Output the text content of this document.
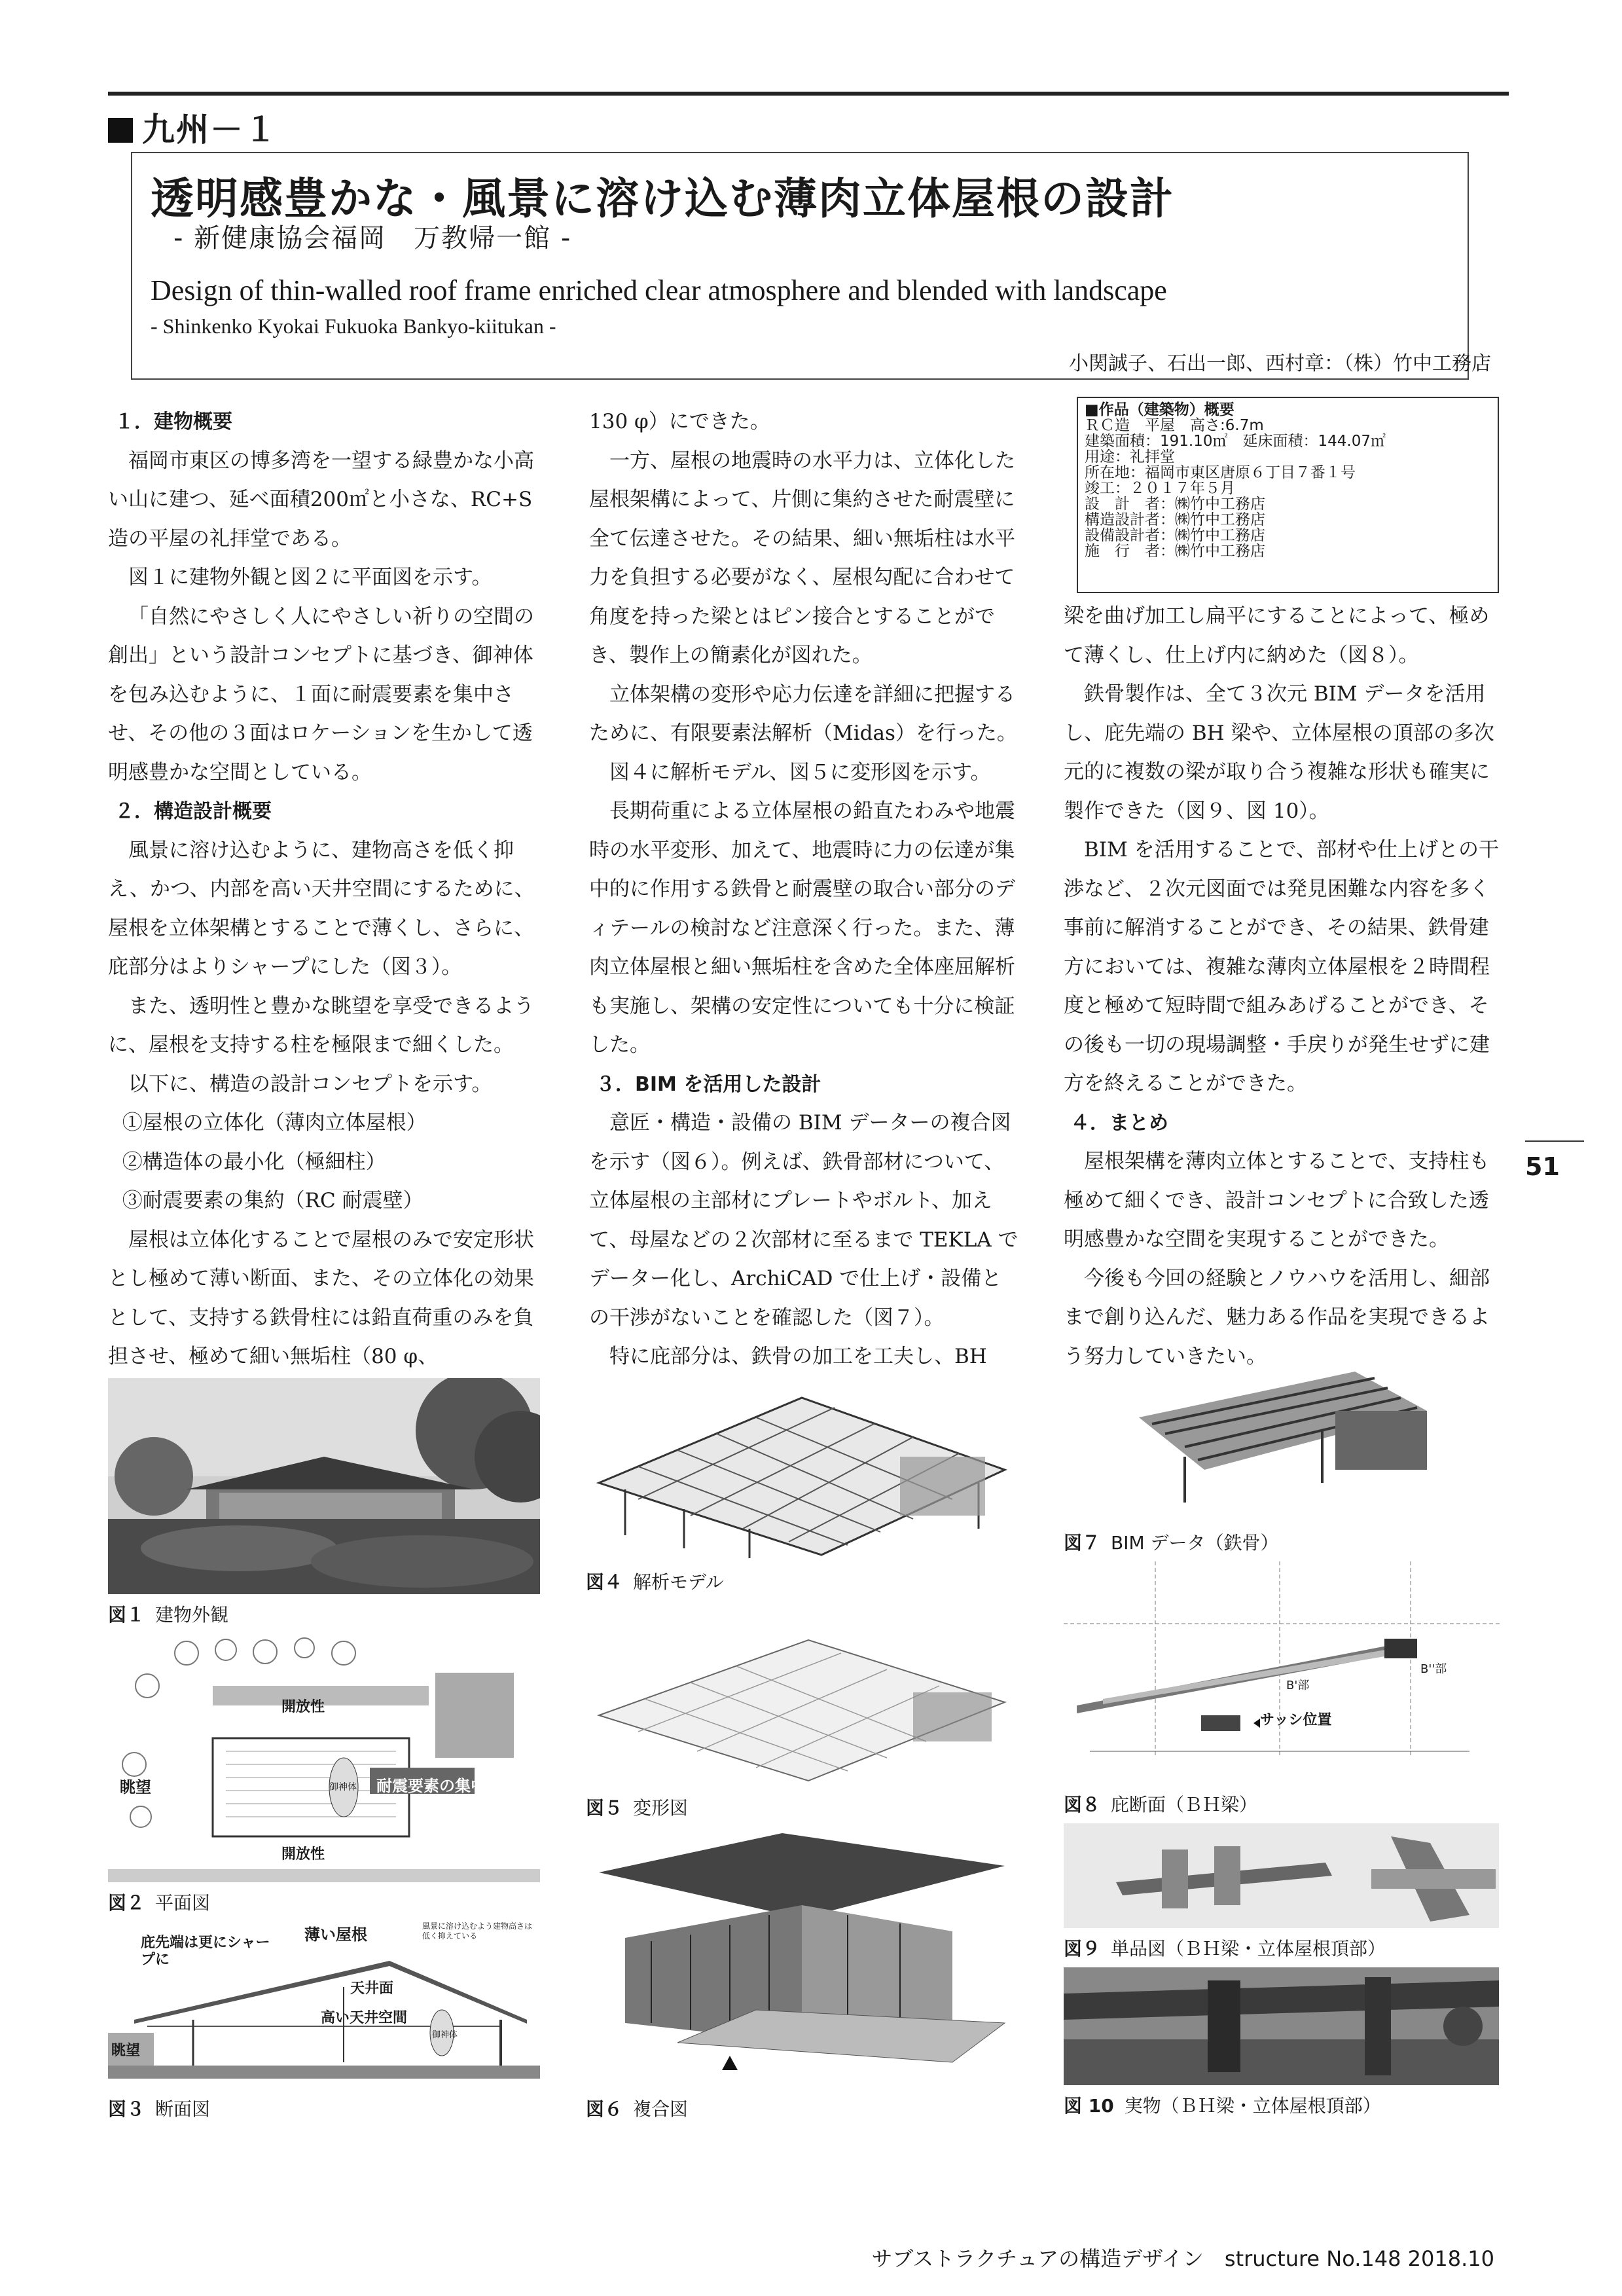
九州－１
透明感豊かな・風景に溶け込む薄肉立体屋根の設計
- 新健康協会福岡　万教帰一館 -
Design of thin-walled roof frame enriched clear atmosphere and blended with landscape
- Shinkenko Kyokai Fukuoka Bankyo-kiitukan -
小関誠子、石出一郎、西村章：（株）竹中工務店
１．建物概要

福岡市東区の博多湾を一望する緑豊かな小高い山に建つ、延べ面積200㎡と小さな、RC+S造の平屋の礼拝堂である。

図１に建物外観と図２に平面図を示す。

「自然にやさしく人にやさしい祈りの空間の創出」という設計コンセプトに基づき、御神体を包み込むように、１面に耐震要素を集中させ、その他の３面はロケーションを生かして透明感豊かな空間としている。

２．構造設計概要

風景に溶け込むように、建物高さを低く抑え、かつ、内部を高い天井空間にするために、屋根を立体架構とすることで薄くし、さらに、庇部分はよりシャープにした（図３）。

また、透明性と豊かな眺望を享受できるように、屋根を支持する柱を極限まで細くした。

以下に、構造の設計コンセプトを示す。

①屋根の立体化（薄肉立体屋根）

②構造体の最小化（極細柱）

③耐震要素の集約（RC 耐震壁）

屋根は立体化することで屋根のみで安定形状とし極めて薄い断面、また、その立体化の効果として、支持する鉄骨柱には鉛直荷重のみを負担させ、極めて細い無垢柱（80 φ、

130 φ）にできた。

一方、屋根の地震時の水平力は、立体化した屋根架構によって、片側に集約させた耐震壁に全て伝達させた。その結果、細い無垢柱は水平力を負担する必要がなく、屋根勾配に合わせて角度を持った梁とはピン接合とすることができ、製作上の簡素化が図れた。

立体架構の変形や応力伝達を詳細に把握するために、有限要素法解析（Midas）を行った。

図４に解析モデル、図５に変形図を示す。

長期荷重による立体屋根の鉛直たわみや地震時の水平変形、加えて、地震時に力の伝達が集中的に作用する鉄骨と耐震壁の取合い部分のディテールの検討など注意深く行った。また、薄肉立体屋根と細い無垢柱を含めた全体座屈解析も実施し、架構の安定性についても十分に検証した。

３．BIM を活用した設計

意匠・構造・設備の BIM データーの複合図を示す（図６）。例えば、鉄骨部材について、立体屋根の主部材にプレートやボルト、加えて、母屋などの２次部材に至るまで TEKLA でデーター化し、ArchiCAD で仕上げ・設備との干渉がないことを確認した（図７）。

特に庇部分は、鉄骨の加工を工夫し、BH

■作品（建築物）概要
ＲＣ造　平屋　高さ:6.7m
建築面積：191.10㎡　延床面積：144.07㎡
用途：礼拝堂
所在地：福岡市東区唐原６丁目７番１号
竣工：２０１７年５月
設　計　者：㈱竹中工務店
構造設計者：㈱竹中工務店
設備設計者：㈱竹中工務店
施　行　者：㈱竹中工務店

梁を曲げ加工し扁平にすることによって、極めて薄くし、仕上げ内に納めた（図８）。

鉄骨製作は、全て３次元 BIM データを活用し、庇先端の BH 梁や、立体屋根の頂部の多次元的に複数の梁が取り合う複雑な形状も確実に製作できた（図９、図 10）。

BIM を活用することで、部材や仕上げとの干渉など、２次元図面では発見困難な内容を多く事前に解消することができ、その結果、鉄骨建方においては、複雑な薄肉立体屋根を２時間程度と極めて短時間で組みあげることができ、その後も一切の現場調整・手戻りが発生せずに建方を終えることができた。

４．まとめ

屋根架構を薄肉立体とすることで、支持柱も極めて細くでき、設計コンセプトに合致した透明感豊かな空間を実現することができた。

今後も今回の経験とノウハウを活用し、細部まで創り込んだ、魅力ある作品を実現できるよう努力していきたい。

51
図１ 建物外観
開放性
眺望	耐震要素の集中
開放性
御神体
図２ 平面図
薄い屋根
庇先端は更にシャープに
天井面
高い天井空間
眺望
風景に溶け込むよう建物高さは低く抑えている
御神体
図３ 断面図
図４ 解析モデル
図５ 変形図
図６ 複合図
図７ BIM データ（鉄骨）
サッシ位置
B'部
B''部
図８ 庇断面（ＢＨ梁）
図９ 単品図（ＢＨ梁・立体屋根頂部）
図 10 実物（ＢＨ梁・立体屋根頂部）
サブストラクチュアの構造デザイン　structure No.148 2018.10
